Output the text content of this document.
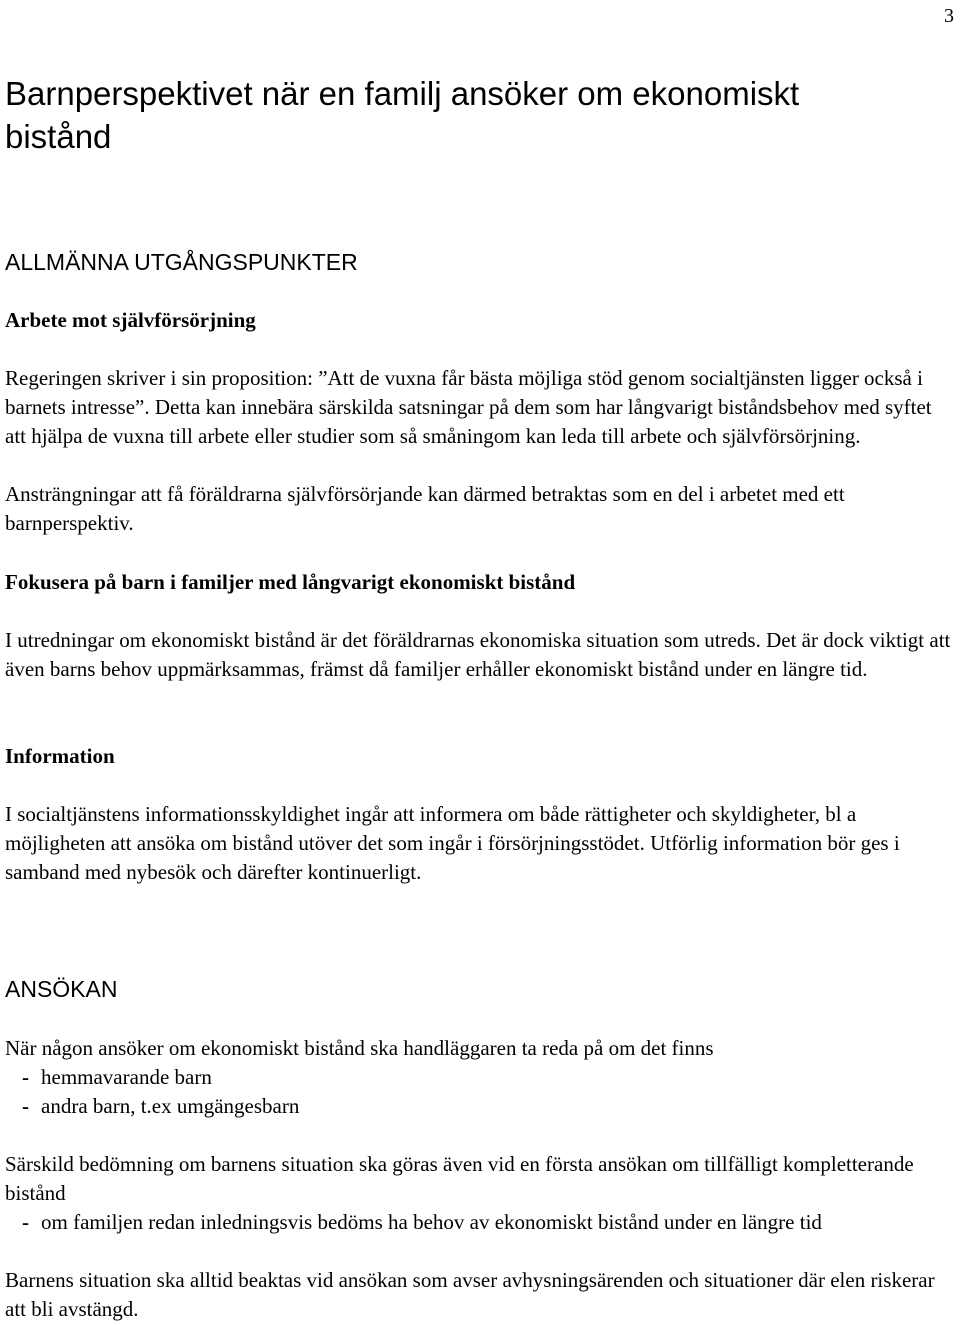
3
Barnperspektivet när en familj ansöker om ekonomiskt bistånd
ALLMÄNNA UTGÅNGSPUNKTER
Arbete mot självförsörjning

Regeringen skriver i sin proposition: ”Att de vuxna får bästa möjliga stöd genom socialtjänsten ligger också i barnets intresse”. Detta kan innebära särskilda satsningar på dem som har långvarigt biståndsbehov med syftet att hjälpa de vuxna till arbete eller studier som så småningom kan leda till arbete och självförsörjning.

Ansträngningar att få föräldrarna självförsörjande kan därmed betraktas som en del i arbetet med ett barnperspektiv.

Fokusera på barn i familjer med långvarigt ekonomiskt bistånd

I utredningar om ekonomiskt bistånd är det föräldrarnas ekonomiska situation som utreds. Det är dock viktigt att även barns behov uppmärksammas, främst då familjer erhåller ekonomiskt bistånd under en längre tid.

Information

I socialtjänstens informationsskyldighet ingår att informera om både rättigheter och skyldigheter, bl a möjligheten att ansöka om bistånd utöver det som ingår i försörjningsstödet. Utförlig information bör ges i samband med nybesök och därefter kontinuerligt.

ANSÖKAN

När någon ansöker om ekonomiskt bistånd ska handläggaren ta reda på om det finns

- hemmavarande barn
- andra barn, t.ex umgängesbarn

Särskild bedömning om barnens situation ska göras även vid en första ansökan om tillfälligt kompletterande bistånd

- om familjen redan inledningsvis bedöms ha behov av ekonomiskt bistånd under en längre tid

Barnens situation ska alltid beaktas vid ansökan som avser avhysningsärenden och situationer där elen riskerar att bli avstängd.
